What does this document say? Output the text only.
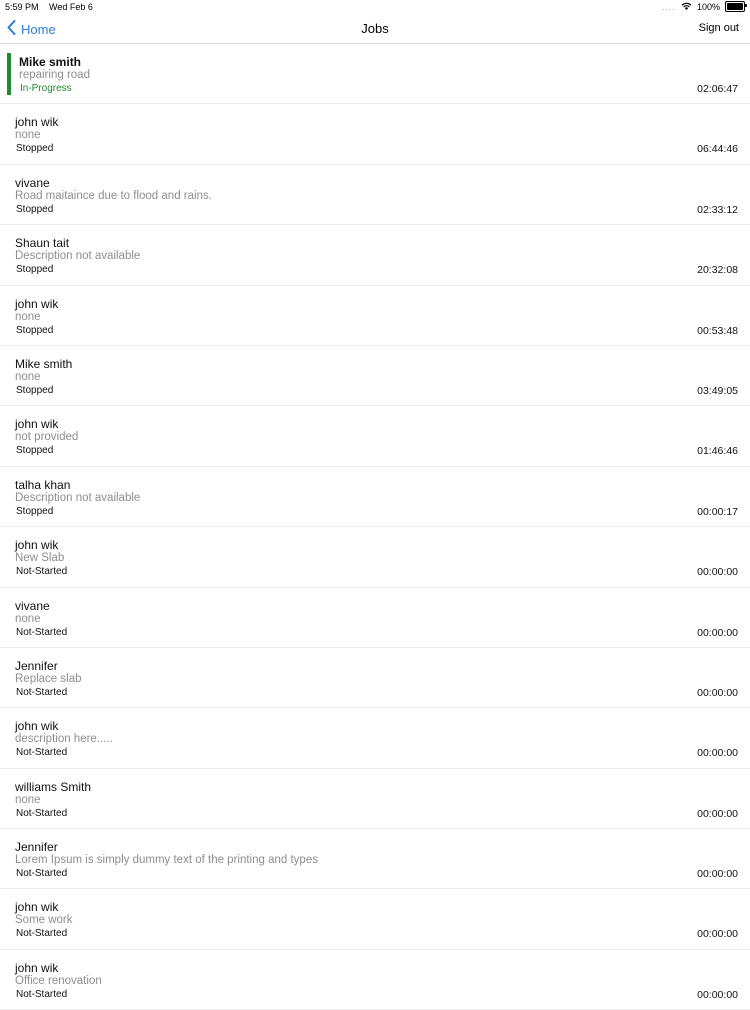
5:59 PM Wed Feb 6	.... 100%
Home	Jobs	Sign out
Mike smith
repairing road
In-Progress	02:06:47
john wik
none
Stopped	06:44:46
vivane
Road maitaince due to flood and rains.
Stopped	02:33:12
Shaun tait
Description not available
Stopped	20:32:08
john wik
none
Stopped	00:53:48
Mike smith
none
Stopped	03:49:05
john wik
not provided
Stopped	01:46:46
talha khan
Description not available
Stopped	00:00:17
john wik
New Slab
Not-Started	00:00:00
vivane
none
Not-Started	00:00:00
Jennifer
Replace slab
Not-Started	00:00:00
john wik
description here.....
Not-Started	00:00:00
williams Smith
none
Not-Started	00:00:00
Jennifer
Lorem Ipsum is simply dummy text of the printing and types
Not-Started	00:00:00
john wik
Some work
Not-Started	00:00:00
john wik
Office renovation
Not-Started	00:00:00
